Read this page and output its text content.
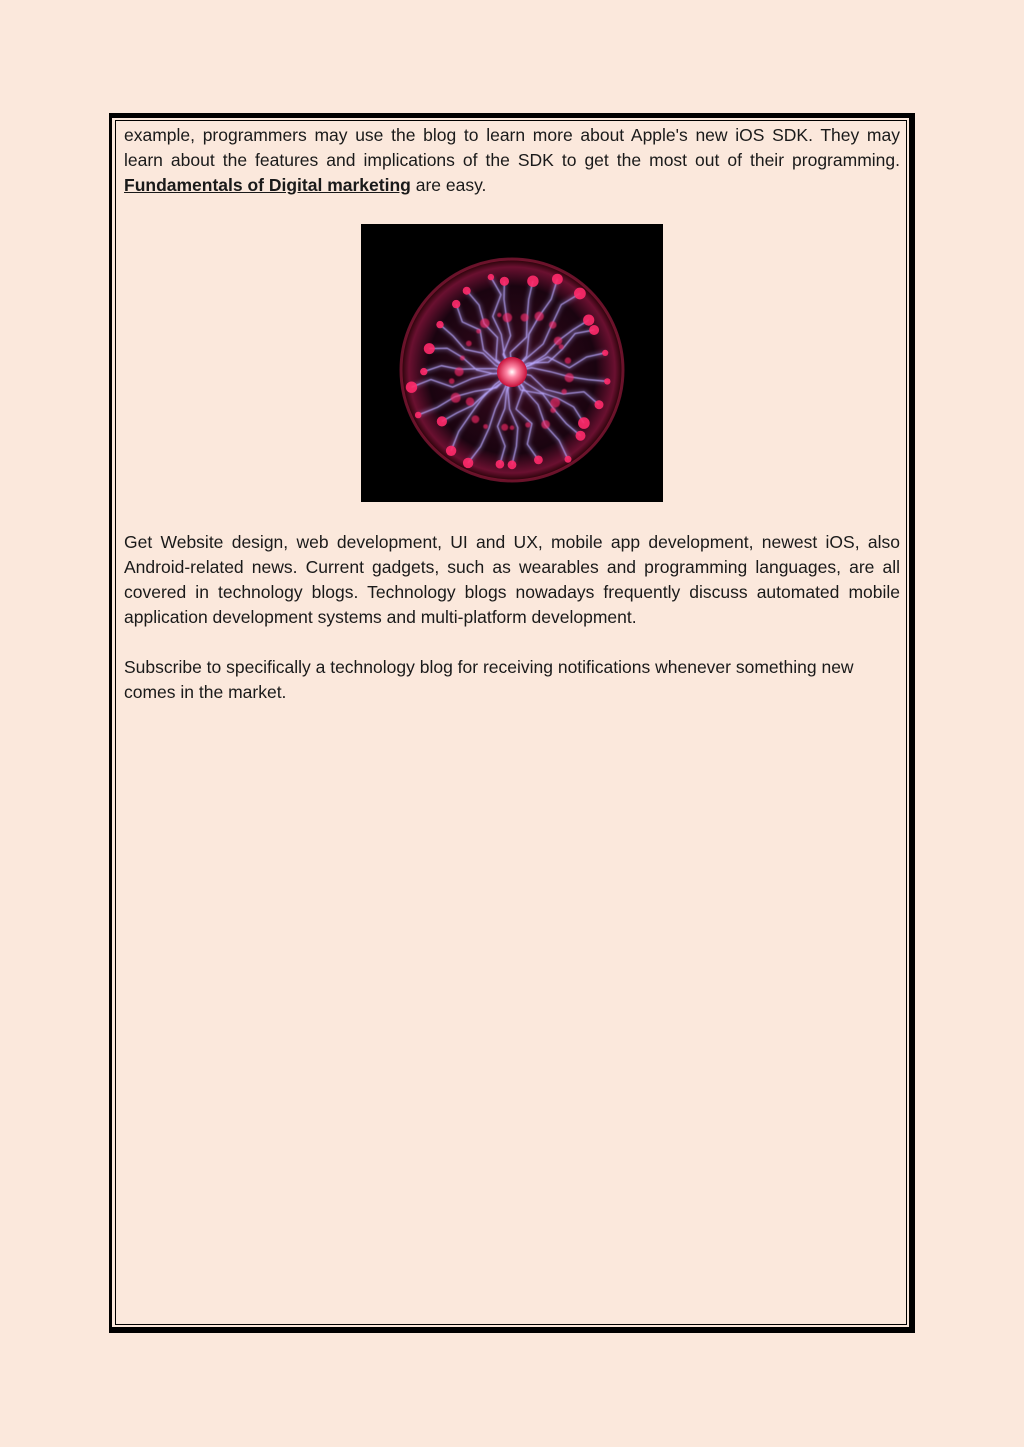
example, programmers may use the blog to learn more about Apple's new iOS SDK. They may learn about the features and implications of the SDK to get the most out of their programming. Fundamentals of Digital marketing are easy.

Get Website design, web development, UI and UX, mobile app development, newest iOS, also Android-related news. Current gadgets, such as wearables and programming languages, are all covered in technology blogs. Technology blogs nowadays frequently discuss automated mobile application development systems and multi-platform development.

Subscribe to specifically a technology blog for receiving notifications whenever something new comes in the market.
